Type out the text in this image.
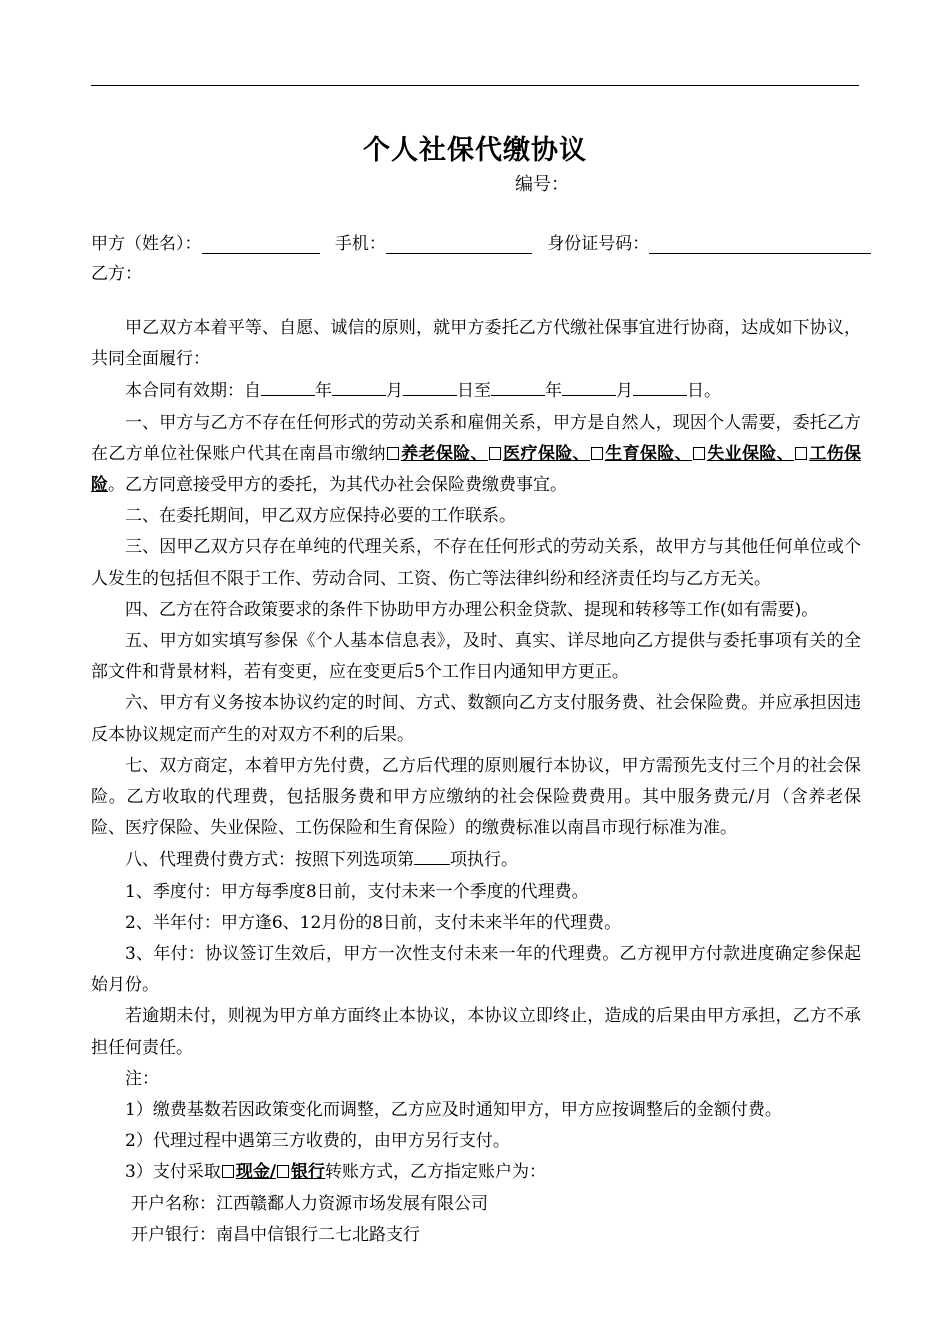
个人社保代缴协议
编号：
甲方（姓名）：	手机：	身份证号码：
乙方：

甲乙双方本着平等、自愿、诚信的原则，就甲方委托乙方代缴社保事宜进行协商，达成如下协议，共同全面履行：

本合同有效期：自	年	月	日至	年	月	日。

一、甲方与乙方不存在任何形式的劳动关系和雇佣关系，甲方是自然人，现因个人需要，委托乙方在乙方单位社保账户代其在南昌市缴纳 养老保险、 医疗保险、 生育保险、 失业保险、 工伤保险。乙方同意接受甲方的委托，为其代办社会保险费缴费事宜。

二、在委托期间，甲乙双方应保持必要的工作联系。

三、因甲乙双方只存在单纯的代理关系，不存在任何形式的劳动关系，故甲方与其他任何单位或个人发生的包括但不限于工作、劳动合同、工资、伤亡等法律纠纷和经济责任均与乙方无关。

四、乙方在符合政策要求的条件下协助甲方办理公积金贷款、提现和转移等工作(如有需要)。

五、甲方如实填写参保《个人基本信息表》，及时、真实、详尽地向乙方提供与委托事项有关的全部文件和背景材料，若有变更，应在变更后5个工作日内通知甲方更正。

六、甲方有义务按本协议约定的时间、方式、数额向乙方支付服务费、社会保险费。并应承担因违反本协议规定而产生的对双方不利的后果。

七、双方商定，本着甲方先付费，乙方后代理的原则履行本协议，甲方需预先支付三个月的社会保险。乙方收取的代理费，包括服务费和甲方应缴纳的社会保险费费用。其中服务费元/月（含养老保险、医疗保险、失业保险、工伤保险和生育保险）的缴费标准以南昌市现行标准为准。

八、代理费付费方式：按照下列选项第 项执行。

1、季度付：甲方每季度8日前，支付未来一个季度的代理费。

2、半年付：甲方逢6、12月份的8日前，支付未来半年的代理费。

3、年付：协议签订生效后，甲方一次性支付未来一年的代理费。乙方视甲方付款进度确定参保起始月份。

若逾期未付，则视为甲方单方面终止本协议，本协议立即终止，造成的后果由甲方承担，乙方不承担任何责任。

注：

1）缴费基数若因政策变化而调整，乙方应及时通知甲方，甲方应按调整后的金额付费。

2）代理过程中遇第三方收费的，由甲方另行支付。

3）支付采取 现金/ 银行转账方式，乙方指定账户为：

开户名称：江西赣鄱人力资源市场发展有限公司

开户银行：南昌中信银行二七北路支行
